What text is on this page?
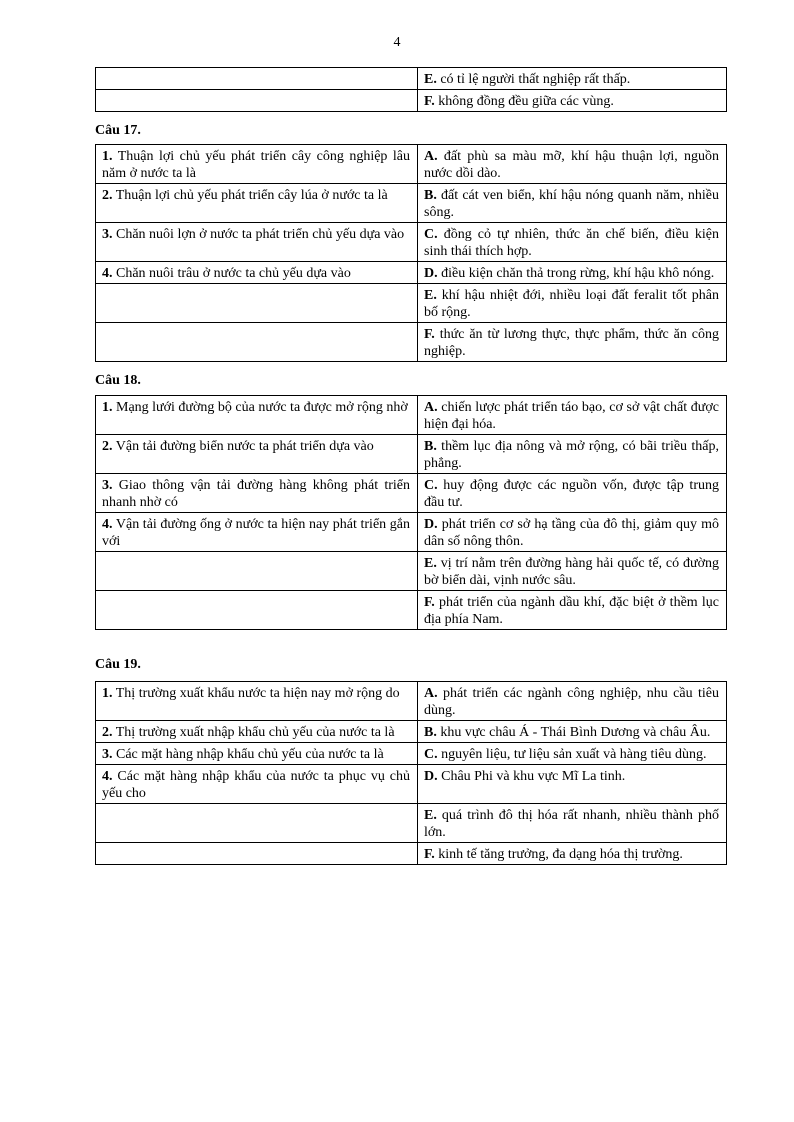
4
	E. có tỉ lệ người thất nghiệp rất thấp.
	F. không đồng đều giữa các vùng.
Câu 17.
1. Thuận lợi chủ yếu phát triển cây công nghiệp lâu năm ở nước ta là	A. đất phù sa màu mỡ, khí hậu thuận lợi, nguồn nước dồi dào.
2. Thuận lợi chủ yếu phát triển cây lúa ở nước ta là	B. đất cát ven biển, khí hậu nóng quanh năm, nhiều sông.
3. Chăn nuôi lợn ở nước ta phát triển chủ yếu dựa vào	C. đồng cỏ tự nhiên, thức ăn chế biến, điều kiện sinh thái thích hợp.
4. Chăn nuôi trâu ở nước ta chủ yếu dựa vào	D. điều kiện chăn thả trong rừng, khí hậu khô nóng.
	E. khí hậu nhiệt đới, nhiều loại đất feralit tốt phân bố rộng.
	F. thức ăn từ lương thực, thực phẩm, thức ăn công nghiệp.
Câu 18.
1. Mạng lưới đường bộ của nước ta được mở rộng nhờ	A. chiến lược phát triển táo bạo, cơ sở vật chất được hiện đại hóa.
2. Vận tải đường biển nước ta phát triển dựa vào	B. thềm lục địa nông và mở rộng, có bãi triều thấp, phẳng.
3. Giao thông vận tải đường hàng không phát triển nhanh nhờ có	C. huy động được các nguồn vốn, được tập trung đầu tư.
4. Vận tải đường ống ở nước ta hiện nay phát triển gắn với	D. phát triển cơ sở hạ tầng của đô thị, giảm quy mô dân số nông thôn.
	E. vị trí nằm trên đường hàng hải quốc tế, có đường bờ biển dài, vịnh nước sâu.
	F. phát triển của ngành dầu khí, đặc biệt ở thềm lục địa phía Nam.
Câu 19.
1. Thị trường xuất khẩu nước ta hiện nay mở rộng do	A. phát triển các ngành công nghiệp, nhu cầu tiêu dùng.
2. Thị trường xuất nhập khẩu chủ yếu của nước ta là	B. khu vực châu Á - Thái Bình Dương và châu Âu.
3. Các mặt hàng nhập khẩu chủ yếu của nước ta là	C. nguyên liệu, tư liệu sản xuất và hàng tiêu dùng.
4. Các mặt hàng nhập khẩu của nước ta phục vụ chủ yếu cho	D. Châu Phi và khu vực Mĩ La tinh.
	E. quá trình đô thị hóa rất nhanh, nhiều thành phố lớn.
	F. kinh tế tăng trưởng, đa dạng hóa thị trường.
